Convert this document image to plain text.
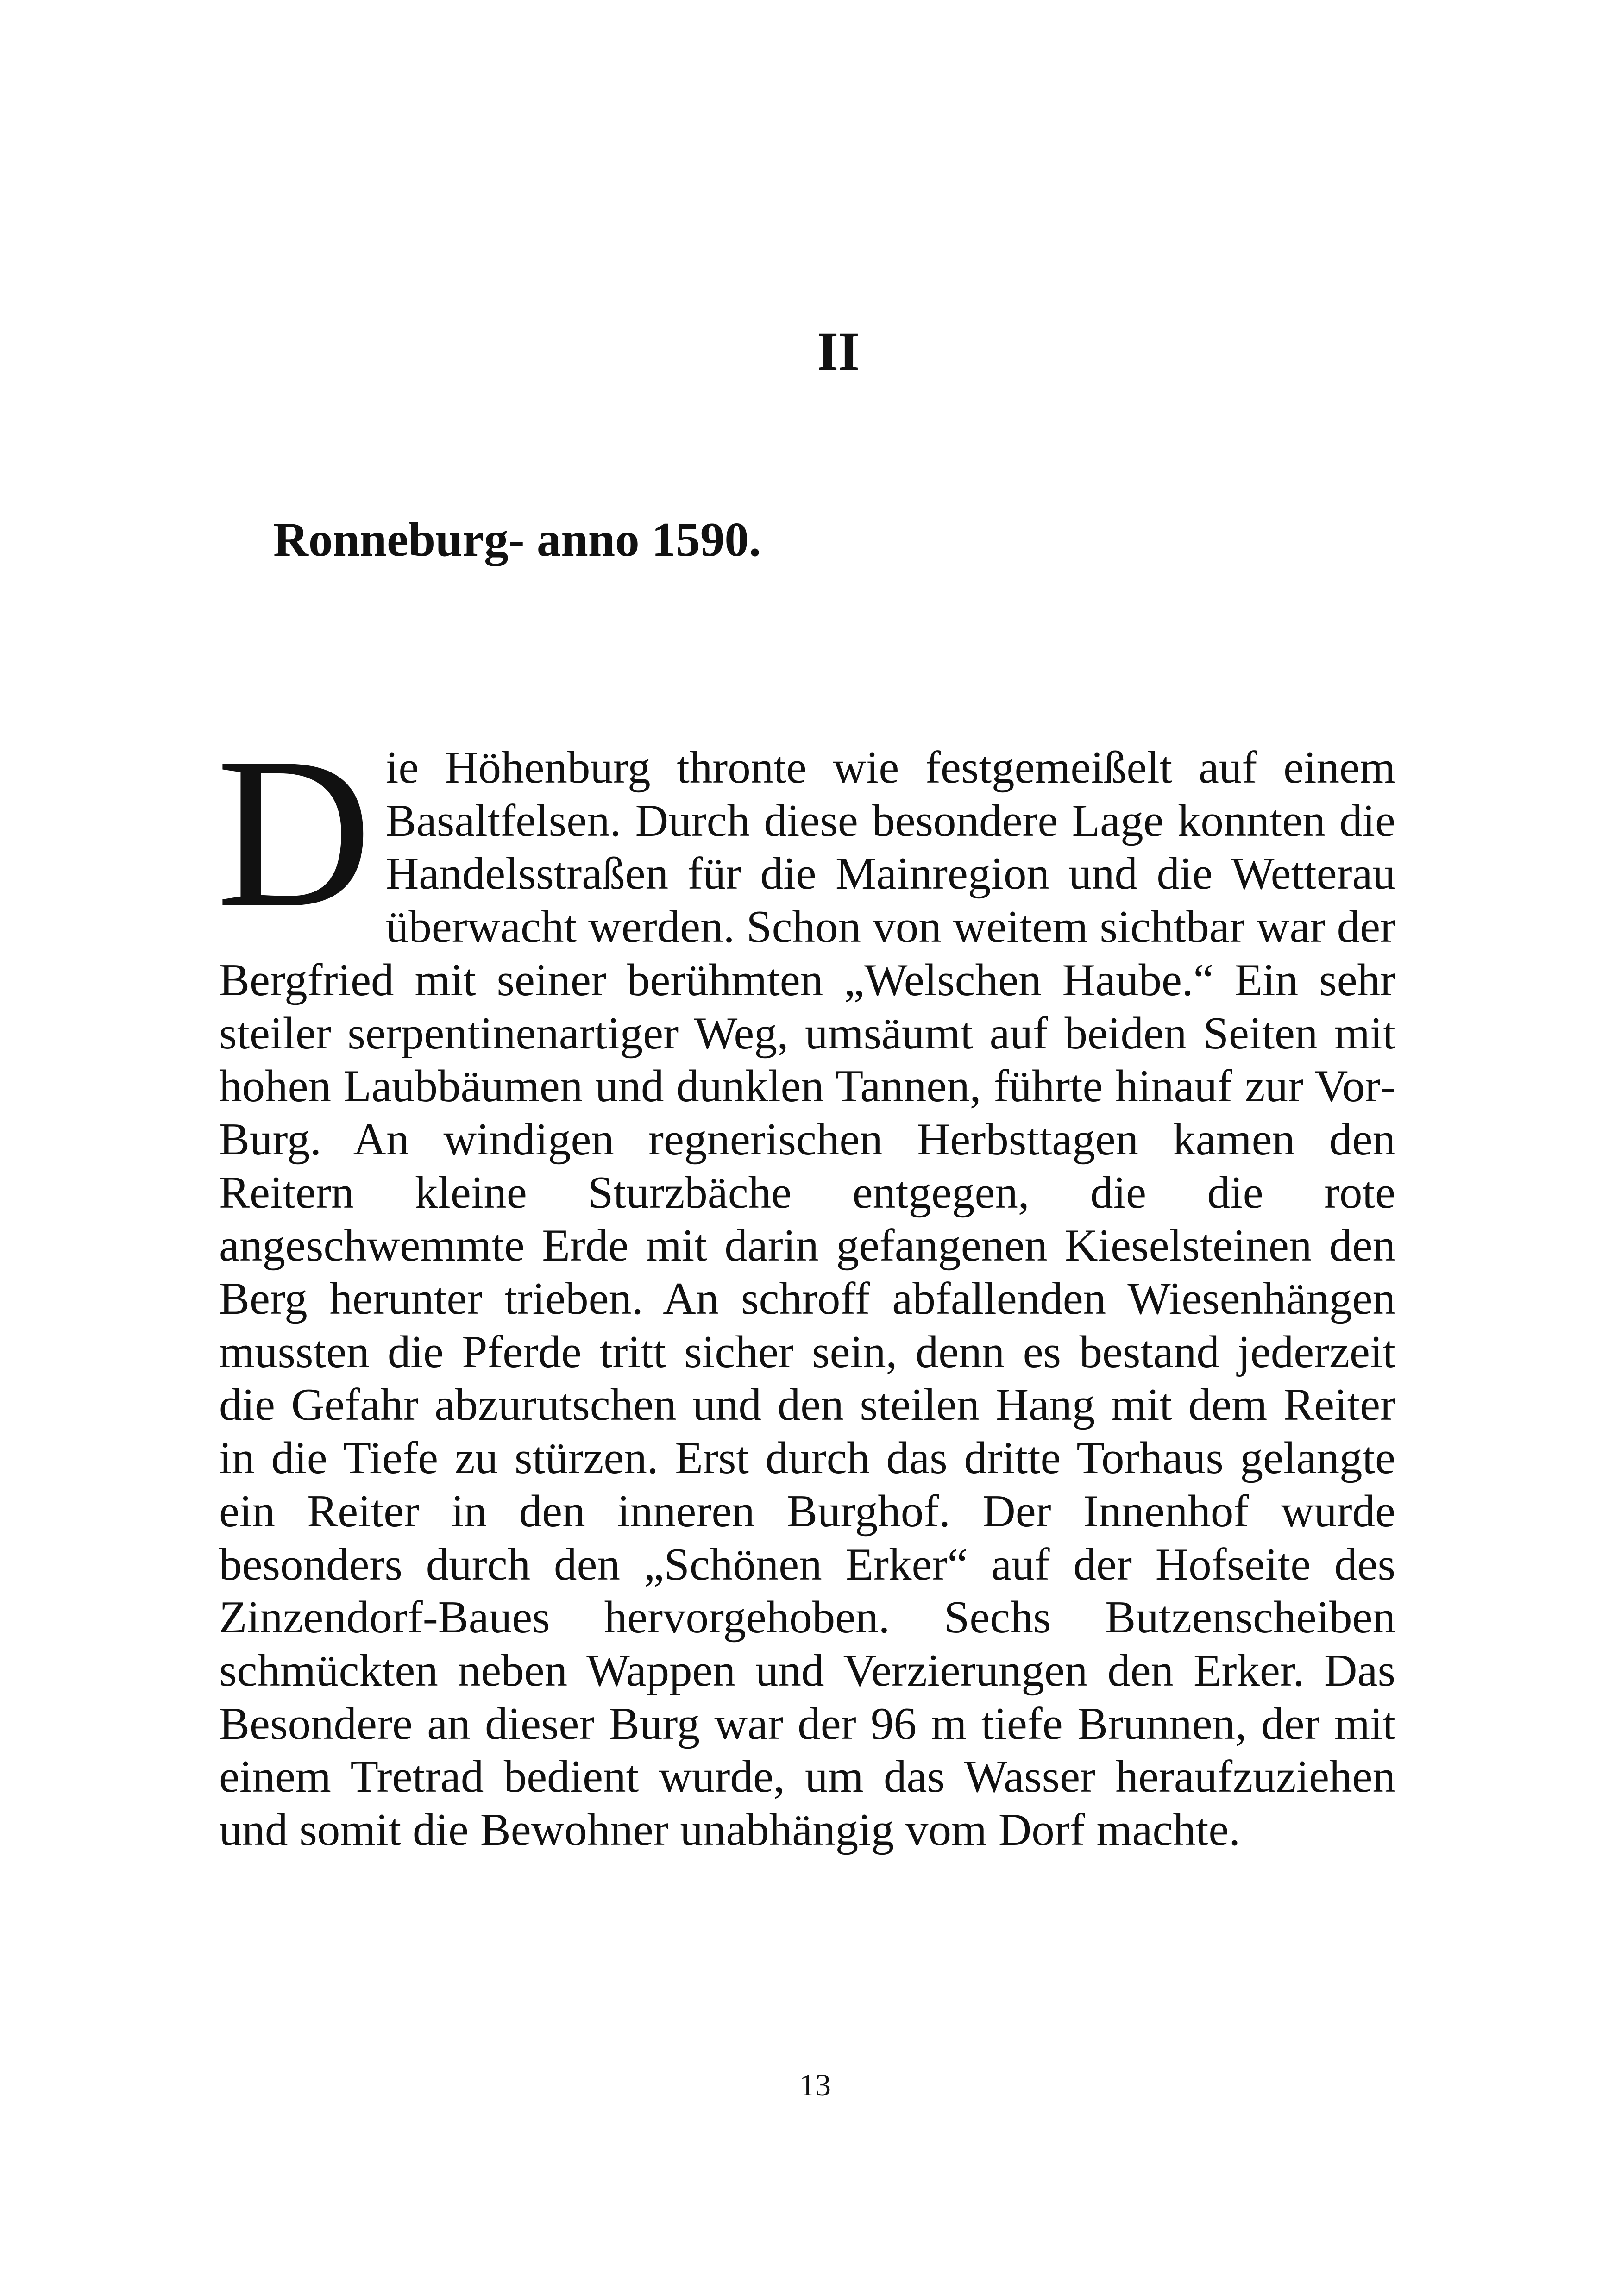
II
Ronneburg- anno 1590.
Die Höhenburg thronte wie festgemeißelt auf einem Basaltfelsen. Durch diese besondere Lage konnten die Handelsstraßen für die Mainregion und die Wetterau überwacht werden. Schon von weitem sichtbar war der Bergfried mit seiner berühmten „Welschen Haube.“ Ein sehr steiler serpentinenartiger Weg, umsäumt auf beiden Seiten mit hohen Laubbäumen und dunklen Tannen, führte hinauf zur VorBurg. An windigen regnerischen Herbsttagen kamen den Reitern kleine Sturzbäche entgegen, die die rote angeschwemmte Erde mit darin gefangenen Kieselsteinen den Berg herunter trieben. An schroff abfallenden Wiesenhängen mussten die Pferde tritt sicher sein, denn es bestand jederzeit die Gefahr abzurutschen und den steilen Hang mit dem Reiter in die Tiefe zu stürzen. Erst durch das dritte Torhaus gelangte ein Reiter in den inneren Burghof. Der Innenhof wurde besonders durch den „Schönen Erker“ auf der Hofseite des Zinzendorf-Baues hervorgehoben. Sechs Butzenscheiben schmückten neben Wappen und Verzierungen den Erker. Das Besondere an dieser Burg war der 96 m tiefe Brunnen, der mit einem Tretrad bedient wurde, um das Wasser heraufzuziehen und somit die Bewohner unabhängig vom Dorf machte.
13
